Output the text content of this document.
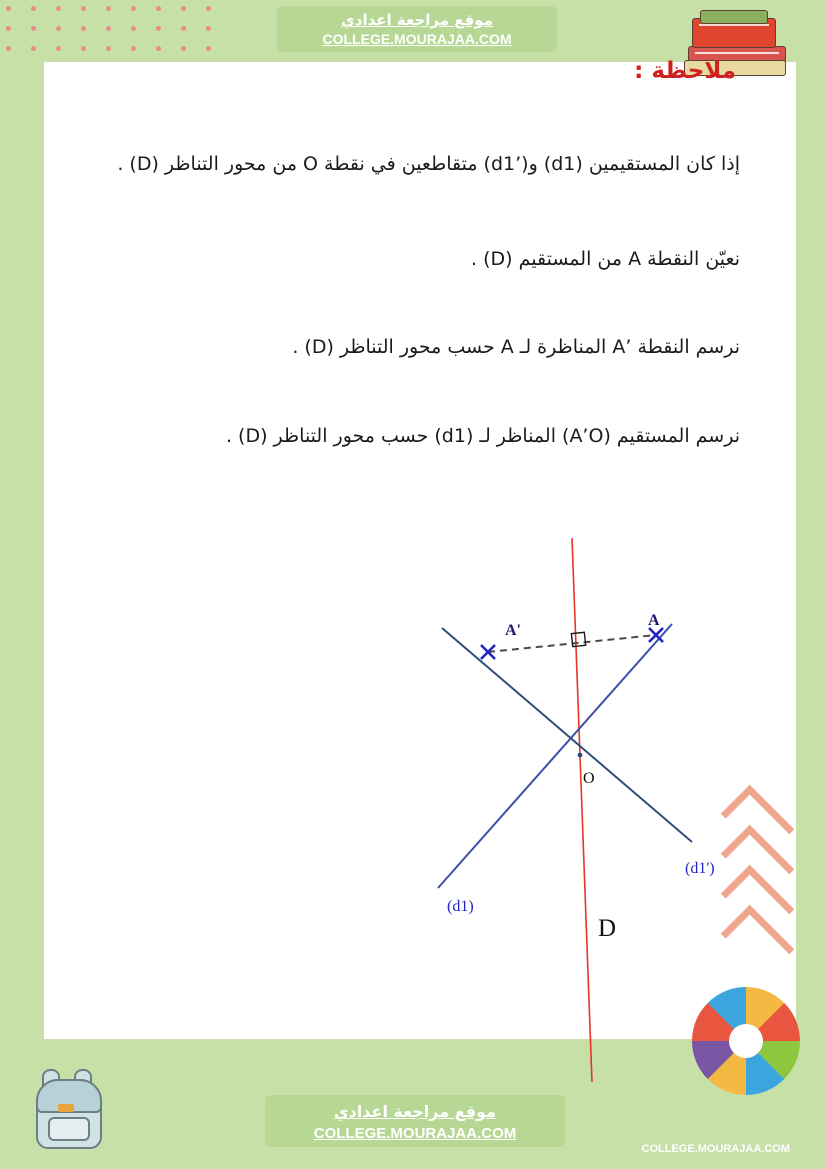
موقع مراجعة اعدادي
COLLEGE.MOURAJAA.COM
ملاحظة :
إذا كان المستقيمين (d1) و(’d1) متقاطعين في نقطة O من محور التناظر (D) .
نعيّن النقطة A من المستقيم (D) .
نرسم النقطة ’A المناظرة لـ A حسب محور التناظر (D) .
نرسم المستقيم (A’O) المناظر لـ (d1) حسب محور التناظر (D) .
A'
A
O
(d1)
(d1')
D
موقع مراجعة اعدادي
COLLEGE.MOURAJAA.COM
COLLEGE.MOURAJAA.COM
